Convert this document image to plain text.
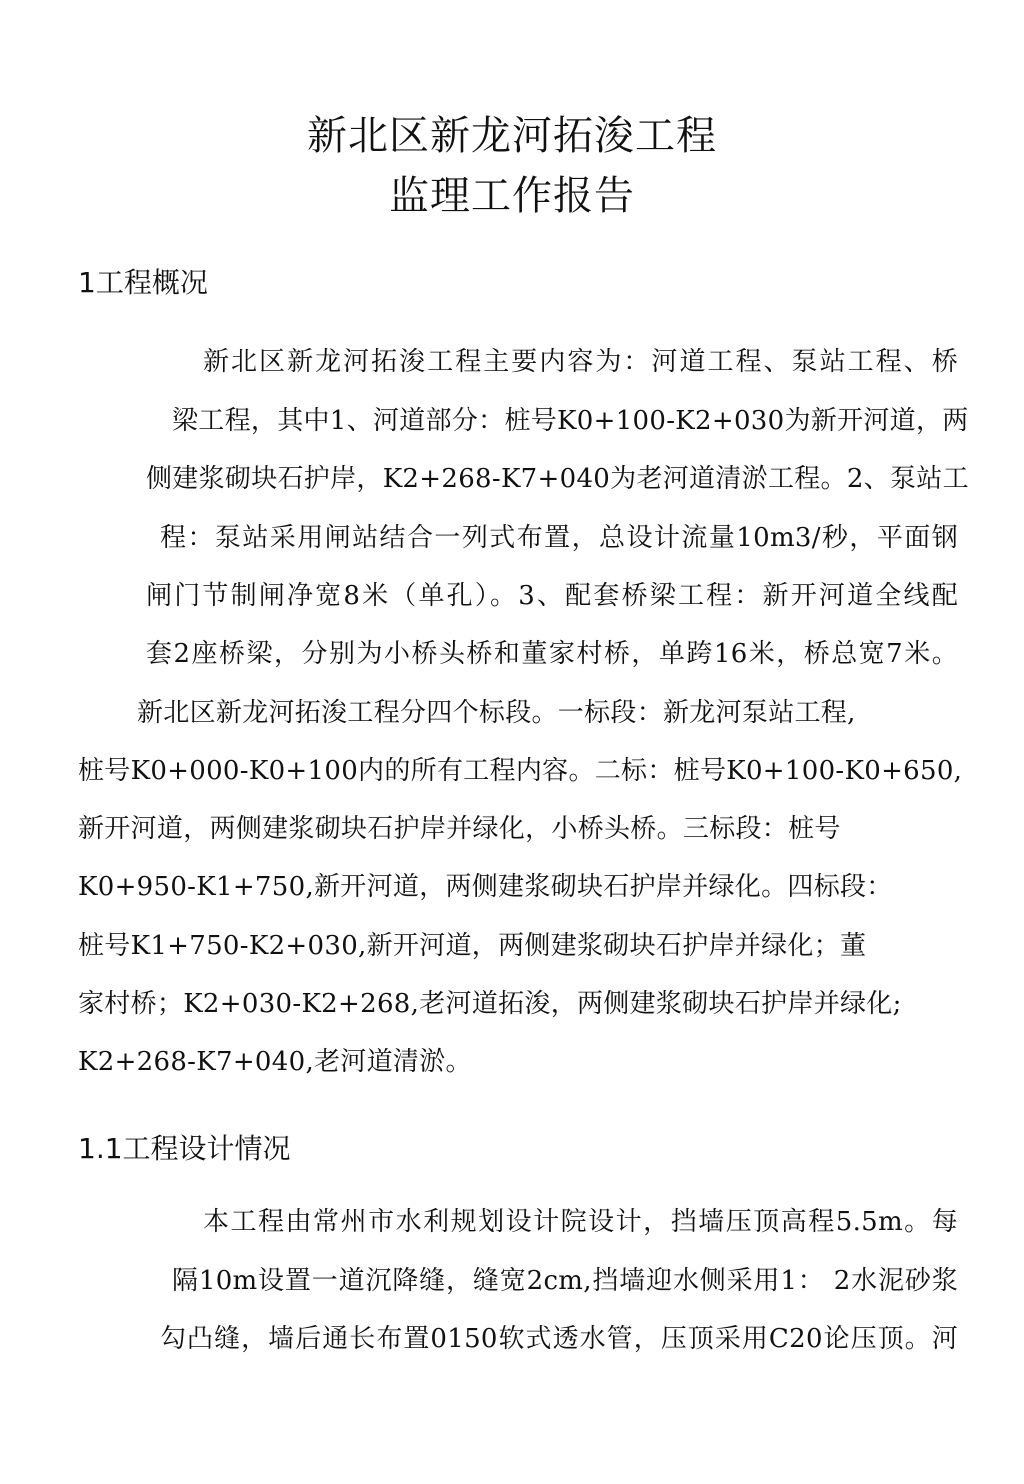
新北区新龙河拓浚工程
监理工作报告
1工程概况
新北区新龙河拓浚工程主要内容为：河道工程、泵站工程、桥
梁工程，其中1、河道部分：桩号K0+100-K2+030为新开河道，两
侧建浆砌块石护岸，K2+268-K7+040为老河道清淤工程。2、泵站工
程：泵站采用闸站结合一列式布置，总设计流量10m3/秒，平面钢
闸门节制闸净宽8米（单孔）。3、配套桥梁工程：新开河道全线配
套2座桥梁，分别为小桥头桥和董家村桥，单跨16米，桥总宽7米。
新北区新龙河拓浚工程分四个标段。一标段：新龙河泵站工程,
桩号K0+000-K0+100内的所有工程内容。二标：桩号K0+100-K0+650,
新开河道，两侧建浆砌块石护岸并绿化，小桥头桥。三标段：桩号
K0+950-K1+750,新开河道，两侧建浆砌块石护岸并绿化。四标段：
桩号K1+750-K2+030,新开河道，两侧建浆砌块石护岸并绿化；董
家村桥；K2+030-K2+268,老河道拓浚，两侧建浆砌块石护岸并绿化;
K2+268-K7+040,老河道清淤。
1.1工程设计情况
本工程由常州市水利规划设计院设计，挡墙压顶高程5.5m。每
隔10m设置一道沉降缝，缝宽2cm,挡墙迎水侧采用1： 2水泥砂浆
勾凸缝，墙后通长布置0150软式透水管，压顶采用C20论压顶。河
